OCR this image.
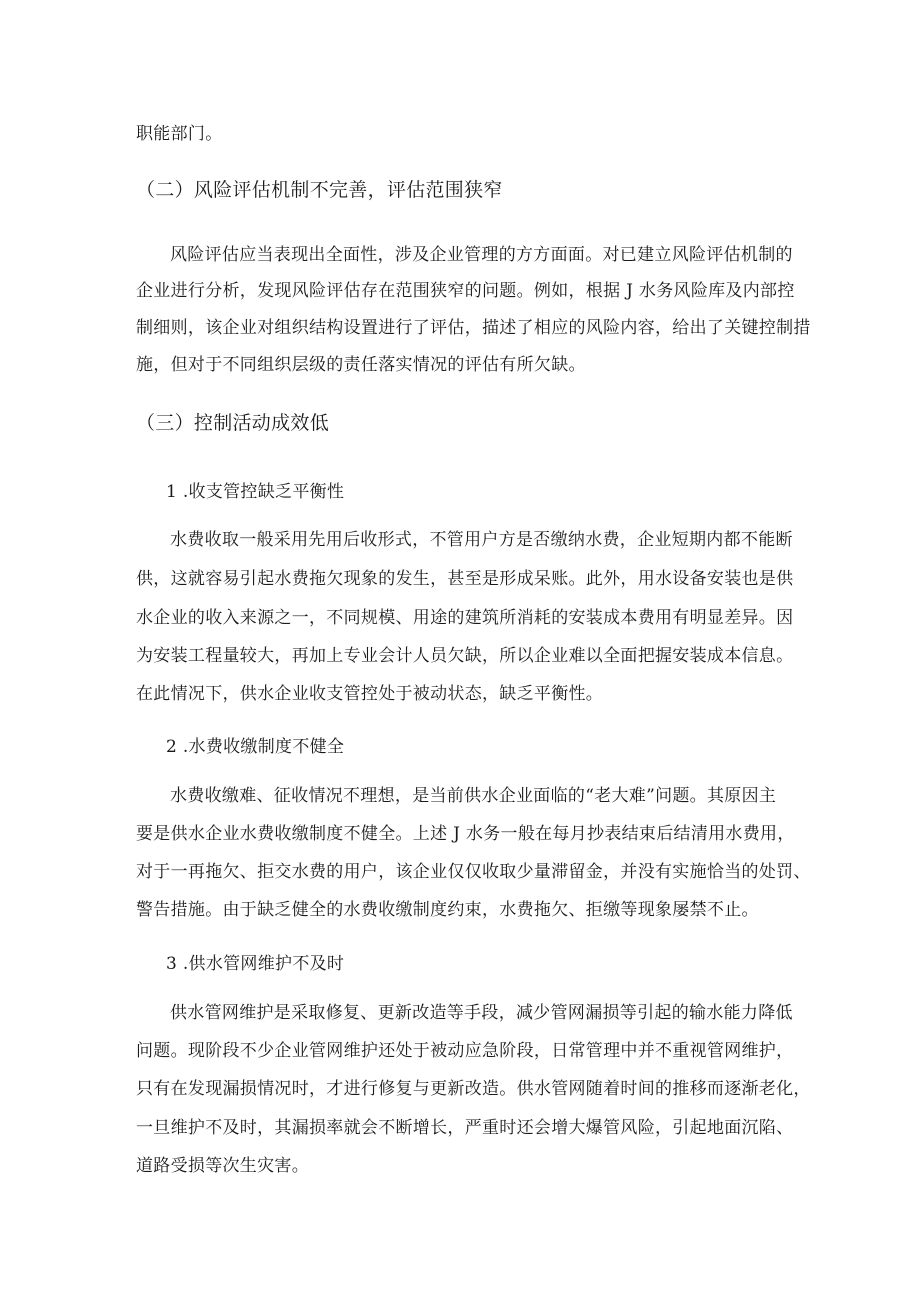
职能部门。
（二）风险评估机制不完善，评估范围狭窄
风险评估应当表现出全面性，涉及企业管理的方方面面。对已建立风险评估机制的
企业进行分析，发现风险评估存在范围狭窄的问题。例如，根据 J 水务风险库及内部控
制细则，该企业对组织结构设置进行了评估，描述了相应的风险内容，给出了关键控制措
施，但对于不同组织层级的责任落实情况的评估有所欠缺。
（三）控制活动成效低
1 .收支管控缺乏平衡性
水费收取一般采用先用后收形式，不管用户方是否缴纳水费，企业短期内都不能断
供，这就容易引起水费拖欠现象的发生，甚至是形成呆账。此外，用水设备安装也是供
水企业的收入来源之一，不同规模、用途的建筑所消耗的安装成本费用有明显差异。因
为安装工程量较大，再加上专业会计人员欠缺，所以企业难以全面把握安装成本信息。
在此情况下，供水企业收支管控处于被动状态，缺乏平衡性。
2 .水费收缴制度不健全
水费收缴难、征收情况不理想，是当前供水企业面临的“老大难”问题。其原因主
要是供水企业水费收缴制度不健全。上述 J 水务一般在每月抄表结束后结清用水费用，
对于一再拖欠、拒交水费的用户，该企业仅仅收取少量滞留金，并没有实施恰当的处罚、
警告措施。由于缺乏健全的水费收缴制度约束，水费拖欠、拒缴等现象屡禁不止。
3 .供水管网维护不及时
供水管网维护是采取修复、更新改造等手段，减少管网漏损等引起的输水能力降低
问题。现阶段不少企业管网维护还处于被动应急阶段，日常管理中并不重视管网维护，
只有在发现漏损情况时，才进行修复与更新改造。供水管网随着时间的推移而逐渐老化，
一旦维护不及时，其漏损率就会不断增长，严重时还会增大爆管风险，引起地面沉陷、
道路受损等次生灾害。
